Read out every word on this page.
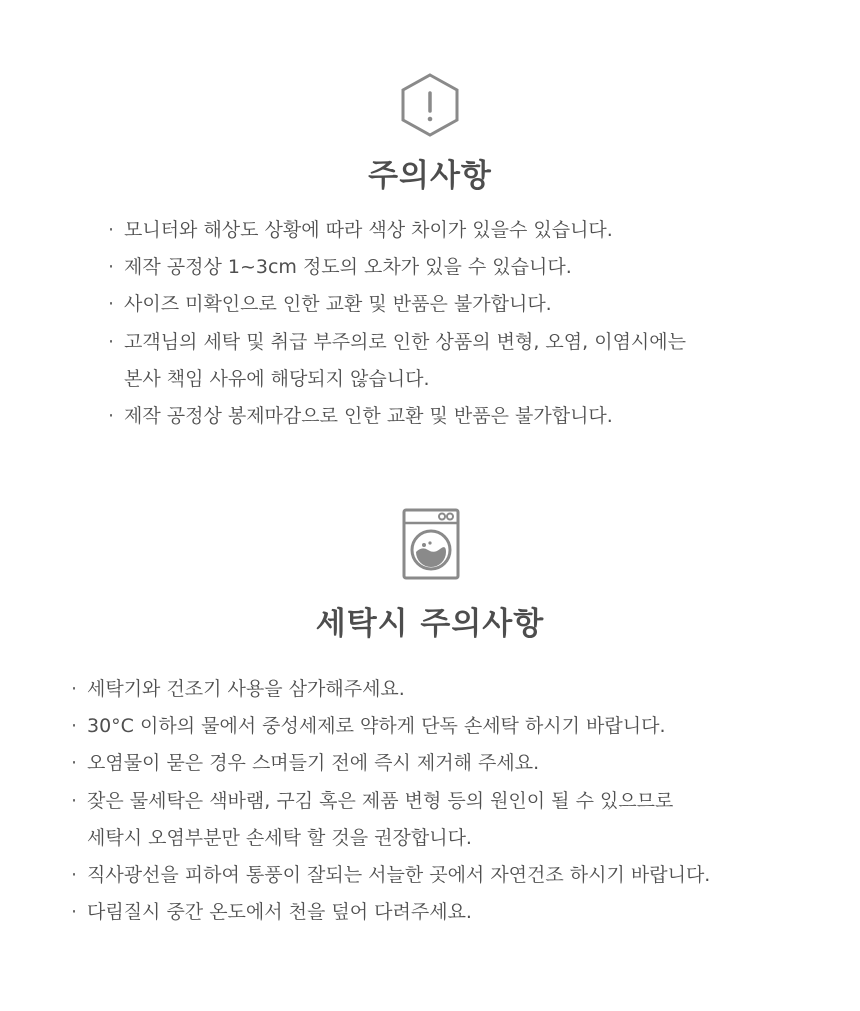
주의사항
· 모니터와 해상도 상황에 따라 색상 차이가 있을수 있습니다.
· 제작 공정상 1~3cm 정도의 오차가 있을 수 있습니다.
· 사이즈 미확인으로 인한 교환 및 반품은 불가합니다.
· 고객님의 세탁 및 취급 부주의로 인한 상품의 변형, 오염, 이염시에는
본사 책임 사유에 해당되지 않습니다.
· 제작 공정상 봉제마감으로 인한 교환 및 반품은 불가합니다.
세탁시 주의사항
· 세탁기와 건조기 사용을 삼가해주세요.
· 30°C 이하의 물에서 중성세제로 약하게 단독 손세탁 하시기 바랍니다.
· 오염물이 묻은 경우 스며들기 전에 즉시 제거해 주세요.
· 잦은 물세탁은 색바램, 구김 혹은 제품 변형 등의 원인이 될 수 있으므로
세탁시 오염부분만 손세탁 할 것을 권장합니다.
· 직사광선을 피하여 통풍이 잘되는 서늘한 곳에서 자연건조 하시기 바랍니다.
· 다림질시 중간 온도에서 천을 덮어 다려주세요.
